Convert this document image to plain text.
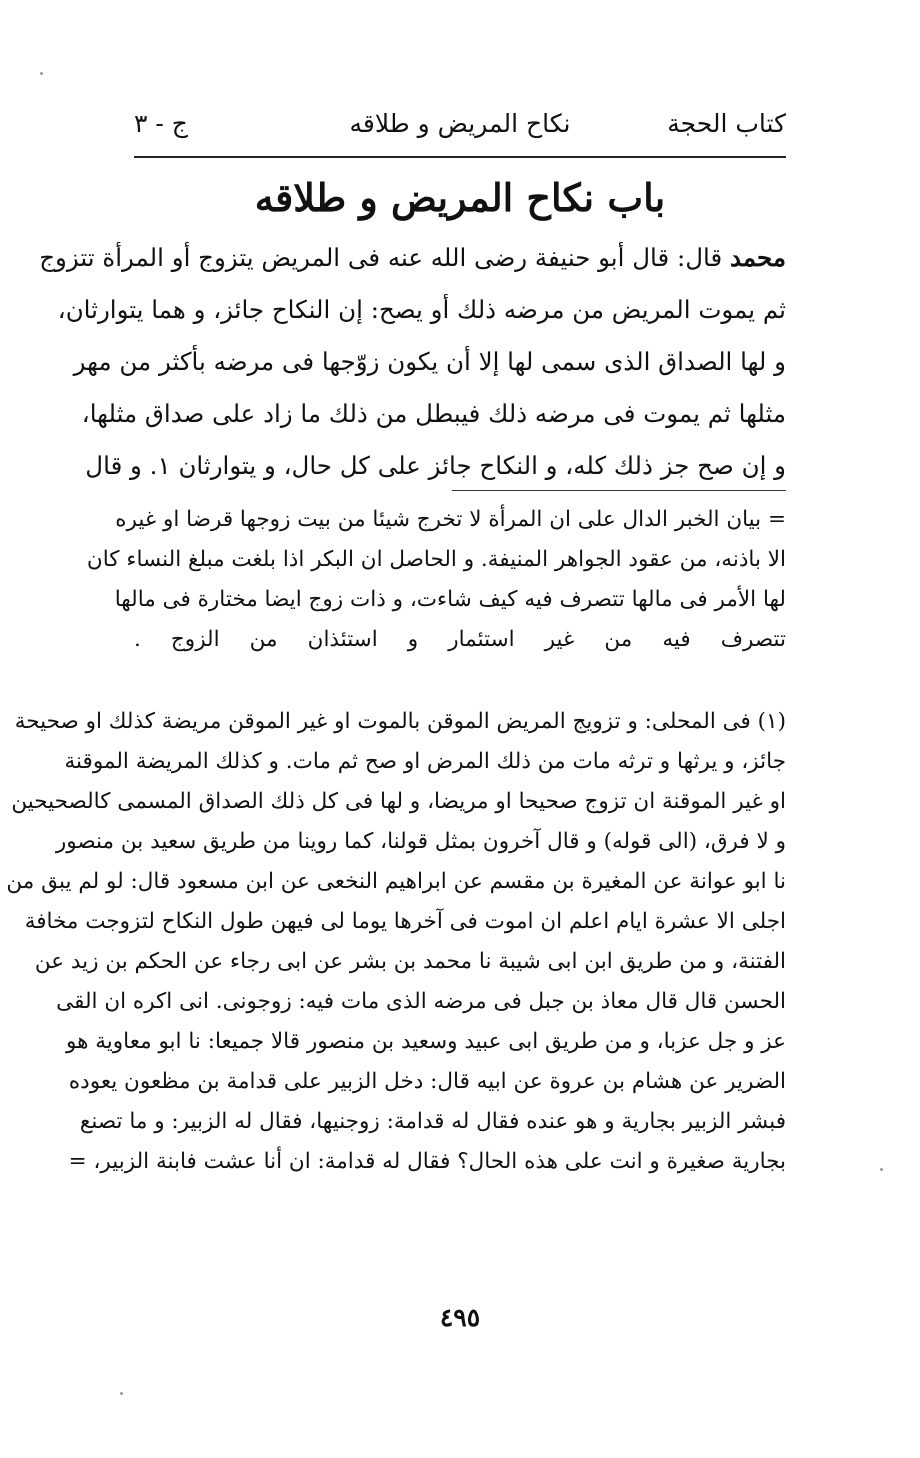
كتاب الحجة
نكاح المريض و طلاقه
ج - ٣
باب نكاح المريض و طلاقه
محمد قال: قال أبو حنيفة رضى الله عنه فى المريض يتزوج أو المرأة تتزوج
ثم يموت المريض من مرضه ذلك أو يصح: إن النكاح جائز، و هما يتوارثان،
و لها الصداق الذى سمى لها إلا أن يكون زوّجها فى مرضه بأكثر من مهر
مثلها ثم يموت فى مرضه ذلك فيبطل من ذلك ما زاد على صداق مثلها،
و إن صح جز ذلك كله، و النكاح جائز على كل حال، و يتوارثان ١. و قال
= بيان الخبر الدال على ان المرأة لا تخرج شيئا من بيت زوجها قرضا او غيره
الا باذنه، من عقود الجواهر المنيفة. و الحاصل ان البكر اذا بلغت مبلغ النساء كان
لها الأمر فى مالها تتصرف فيه كيف شاءت، و ذات زوج ايضا مختارة فى مالها
تتصرف فيه من غير استئمار و استئذان من الزوج .
(١) فى المحلى: و تزويج المريض الموقن بالموت او غير الموقن مريضة كذلك او صحيحة
جائز، و يرثها و ترثه مات من ذلك المرض او صح ثم مات. و كذلك المريضة الموقنة
او غير الموقنة ان تزوج صحيحا او مريضا، و لها فى كل ذلك الصداق المسمى كالصحيحين
و لا فرق، (الى قوله) و قال آخرون بمثل قولنا، كما روينا من طريق سعيد بن منصور
نا ابو عوانة عن المغيرة بن مقسم عن ابراهيم النخعى عن ابن مسعود قال: لو لم يبق من
اجلى الا عشرة ايام اعلم ان اموت فى آخرها يوما لى فيهن طول النكاح لتزوجت مخافة
الفتنة، و من طريق ابن ابى شيبة نا محمد بن بشر عن ابى رجاء عن الحكم بن زيد عن
الحسن قال قال معاذ بن جبل فى مرضه الذى مات فيه: زوجونى. انى اكره ان القى
عز و جل عزبا، و من طريق ابى عبيد وسعيد بن منصور قالا جميعا: نا ابو معاوية هو
الضرير عن هشام بن عروة عن ابيه قال: دخل الزبير على قدامة بن مظعون يعوده
فبشر الزبير بجارية و هو عنده فقال له قدامة: زوجنيها، فقال له الزبير: و ما تصنع
بجارية صغيرة و انت على هذه الحال؟ فقال له قدامة: ان أنا عشت فابنة الزبير، =
٤٩٥
